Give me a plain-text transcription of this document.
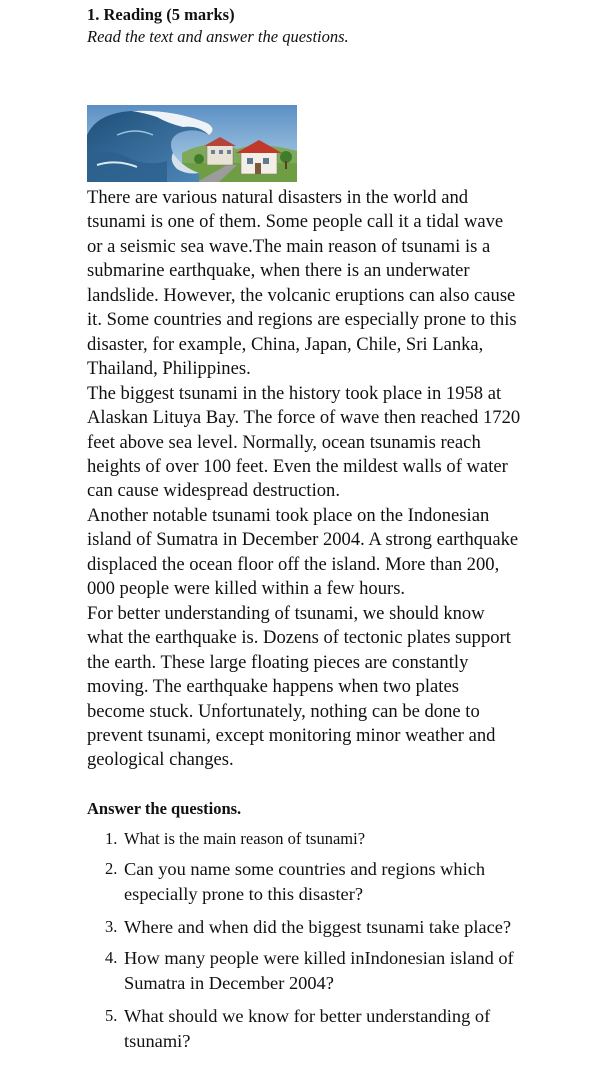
1. Reading (5 marks)
Read the text and answer the questions.

There are various natural disasters in the world and

tsunami is one of them. Some people call it a tidal wave

or a seismic sea wave.The main reason of tsunami is a

submarine earthquake, when there is an underwater

landslide. However, the volcanic eruptions can also cause

it. Some countries and regions are especially prone to this

disaster, for example, China, Japan, Chile, Sri Lanka,

Thailand, Philippines.

The biggest tsunami in the history took place in 1958 at

Alaskan Lituya Bay. The force of wave then reached 1720

feet above sea level. Normally, ocean tsunamis reach

heights of over 100 feet. Even the mildest walls of water

can cause widespread destruction.

Another notable tsunami took place on the Indonesian

island of Sumatra in December 2004. A strong earthquake

displaced the ocean floor off the island. More than 200,

000 people were killed within a few hours.

For better understanding of tsunami, we should know

what the earthquake is. Dozens of tectonic plates support

the earth. These large floating pieces are constantly

moving. The earthquake happens when two plates

become stuck. Unfortunately, nothing can be done to

prevent tsunami, except monitoring minor weather and

geological changes.

Answer the questions.
1. What is the main reason of tsunami?
2. Can you name some countries and regions which
especially prone to this disaster?
3. Where and when did the biggest tsunami take place?
4. How many people were killed inIndonesian island of
Sumatra in December 2004?
5. What should we know for better understanding of
tsunami?
